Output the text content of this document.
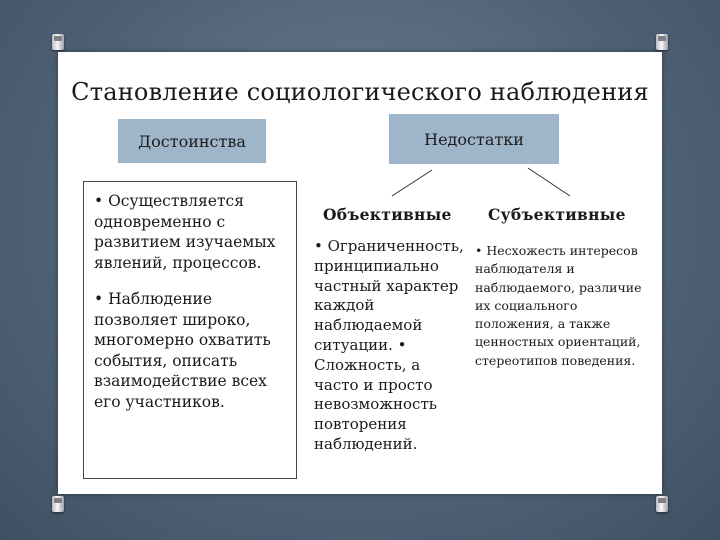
Становление социологического наблюдения
Достоинства	Недостатки

• Осуществляется одновременно с развитием изучаемых явлений, процессов.

• Наблюдение позволяет широко, многомерно охватить события, описать взаимодействие всех его участников.

Объективные Субъективные
• Ограниченность, принципиально частный характер каждой наблюдаемой ситуации. • Сложность, а часто и просто невозможность повторения наблюдений.
• Несхожесть интересов наблюдателя и наблюдаемого, различие их социального положения, а также ценностных ориентаций, стереотипов поведения.
